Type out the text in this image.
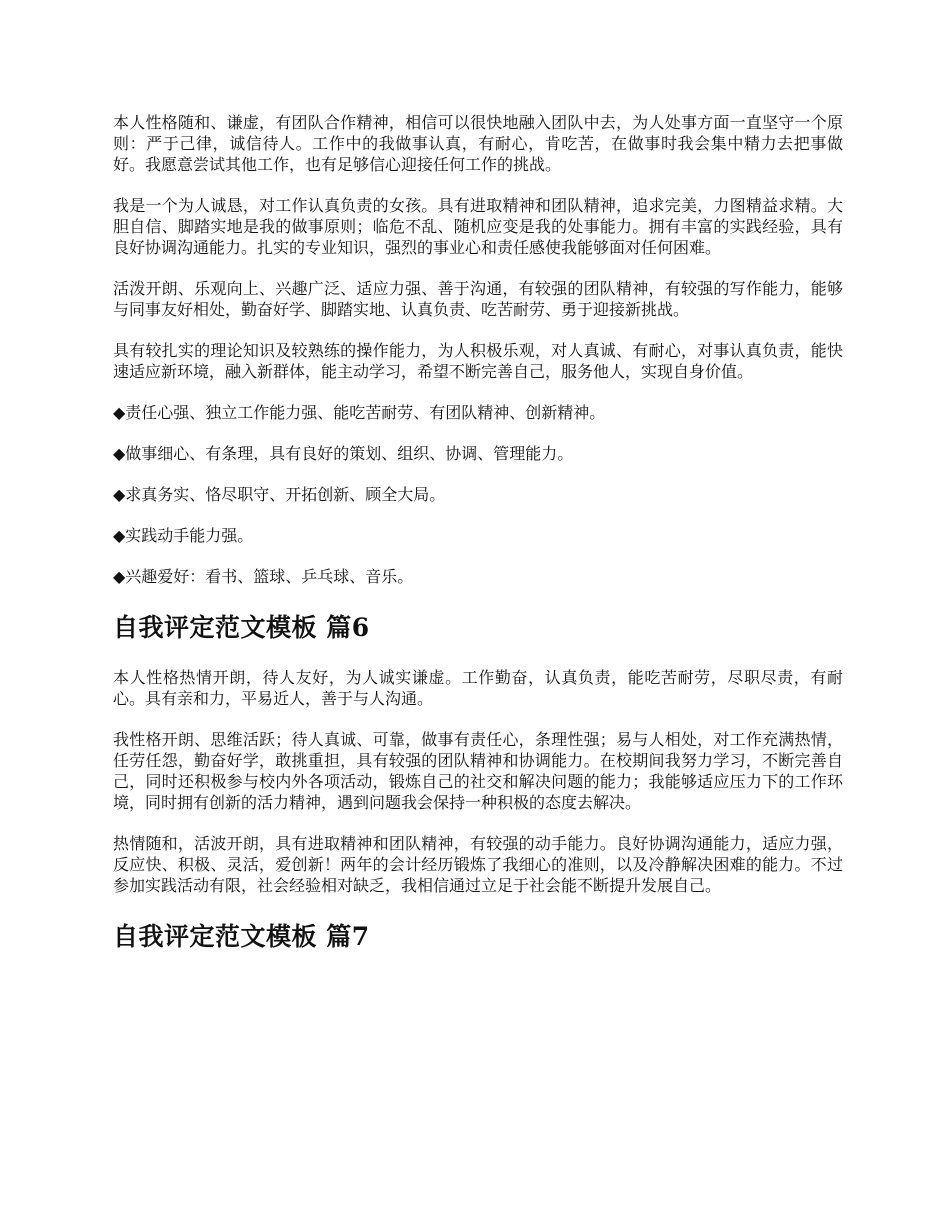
本人性格随和、谦虚，有团队合作精神，相信可以很快地融入团队中去，为人处事方面一直坚守一个原则：严于己律，诚信待人。工作中的我做事认真，有耐心，肯吃苦，在做事时我会集中精力去把事做好。我愿意尝试其他工作，也有足够信心迎接任何工作的挑战。

我是一个为人诚恳，对工作认真负责的女孩。具有进取精神和团队精神，追求完美，力图精益求精。大胆自信、脚踏实地是我的做事原则；临危不乱、随机应变是我的处事能力。拥有丰富的实践经验，具有良好协调沟通能力。扎实的专业知识，强烈的事业心和责任感使我能够面对任何困难。

活泼开朗、乐观向上、兴趣广泛、适应力强、善于沟通，有较强的团队精神，有较强的写作能力，能够与同事友好相处，勤奋好学、脚踏实地、认真负责、吃苦耐劳、勇于迎接新挑战。

具有较扎实的理论知识及较熟练的操作能力，为人积极乐观，对人真诚、有耐心，对事认真负责，能快速适应新环境，融入新群体，能主动学习，希望不断完善自己，服务他人，实现自身价值。

◆责任心强、独立工作能力强、能吃苦耐劳、有团队精神、创新精神。

◆做事细心、有条理，具有良好的策划、组织、协调、管理能力。

◆求真务实、恪尽职守、开拓创新、顾全大局。

◆实践动手能力强。

◆兴趣爱好：看书、篮球、乒乓球、音乐。

自我评定范文模板 篇6

本人性格热情开朗，待人友好，为人诚实谦虚。工作勤奋，认真负责，能吃苦耐劳，尽职尽责，有耐心。具有亲和力，平易近人，善于与人沟通。

我性格开朗、思维活跃；待人真诚、可靠，做事有责任心，条理性强；易与人相处，对工作充满热情，任劳任怨，勤奋好学，敢挑重担，具有较强的团队精神和协调能力。在校期间我努力学习，不断完善自己，同时还积极参与校内外各项活动，锻炼自己的社交和解决问题的能力；我能够适应压力下的工作环境，同时拥有创新的活力精神，遇到问题我会保持一种积极的态度去解决。

热情随和，活波开朗，具有进取精神和团队精神，有较强的动手能力。良好协调沟通能力，适应力强，反应快、积极、灵活，爱创新！两年的会计经历锻炼了我细心的准则，以及冷静解决困难的能力。不过参加实践活动有限，社会经验相对缺乏，我相信通过立足于社会能不断提升发展自己。

自我评定范文模板 篇7
